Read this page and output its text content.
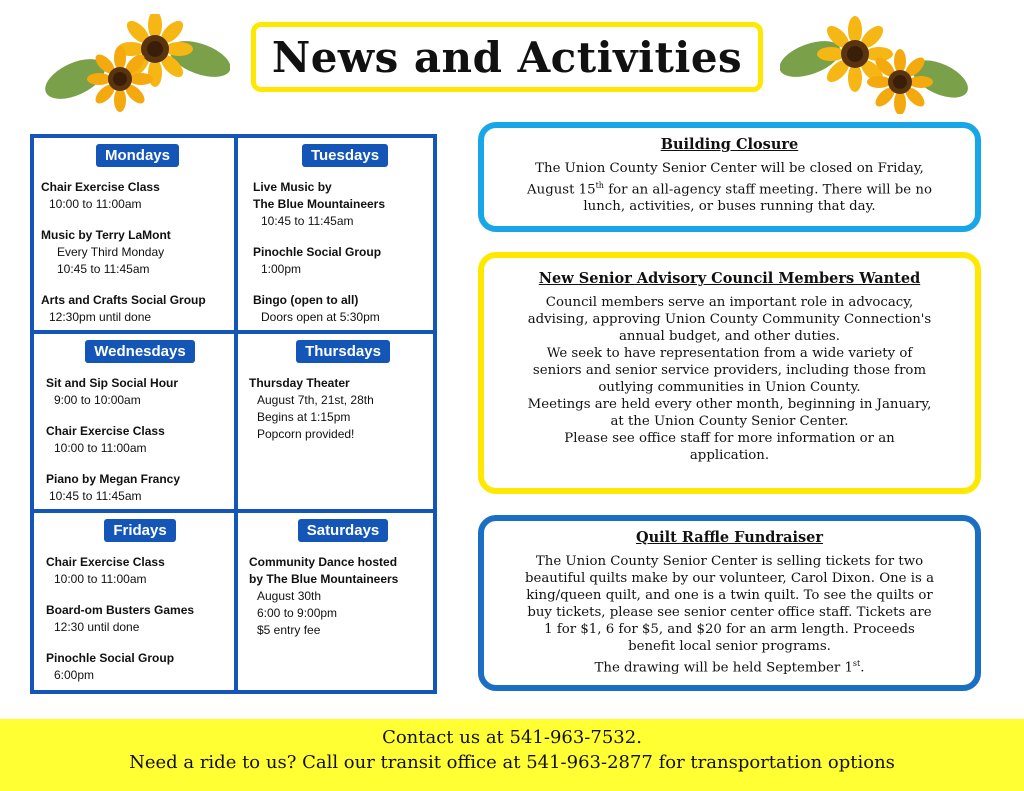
News and Activities
Mondays
Chair Exercise Class
10:00 to 11:00am
Music by Terry LaMont
Every Third Monday
10:45 to 11:45am
Arts and Crafts Social Group
12:30pm until done
Tuesdays
Live Music by
The Blue Mountaineers
10:45 to 11:45am
Pinochle Social Group
1:00pm
Bingo (open to all)
Doors open at 5:30pm
Wednesdays
Sit and Sip Social Hour
9:00 to 10:00am
Chair Exercise Class
10:00 to 11:00am
Piano by Megan Francy
10:45 to 11:45am
Thursdays
Thursday Theater
August 7th, 21st, 28th
Begins at 1:15pm
Popcorn provided!
Fridays
Chair Exercise Class
10:00 to 11:00am
Board-om Busters Games
12:30 until done
Pinochle Social Group
6:00pm
Saturdays
Community Dance hosted
by The Blue Mountaineers
August 30th
6:00 to 9:00pm
$5 entry fee
Building Closure

The Union County Senior Center will be closed on Friday,

August 15th for an all-agency staff meeting. There will be no

lunch, activities, or buses running that day.

New Senior Advisory Council Members Wanted

Council members serve an important role in advocacy,

advising, approving Union County Community Connection's

annual budget, and other duties.

We seek to have representation from a wide variety of

seniors and senior service providers, including those from

outlying communities in Union County.

Meetings are held every other month, beginning in January,

at the Union County Senior Center.

Please see office staff for more information or an

application.

Quilt Raffle Fundraiser

The Union County Senior Center is selling tickets for two

beautiful quilts make by our volunteer, Carol Dixon. One is a

king/queen quilt, and one is a twin quilt. To see the quilts or

buy tickets, please see senior center office staff. Tickets are

1 for $1, 6 for $5, and $20 for an arm length. Proceeds

benefit local senior programs.

The drawing will be held September 1st.

Contact us at 541-963-7532.
Need a ride to us? Call our transit office at 541-963-2877 for transportation options
